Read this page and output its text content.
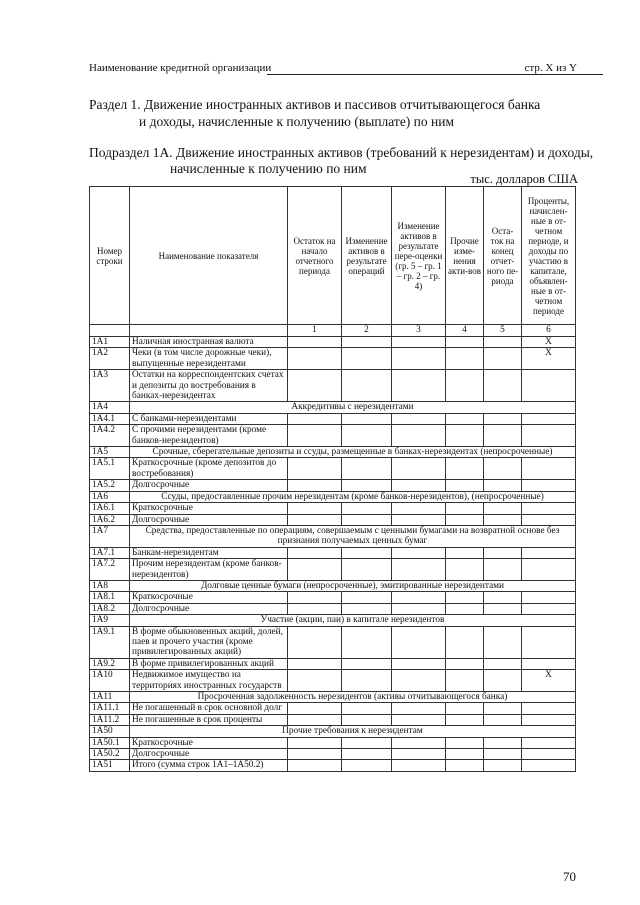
Наименование кредитной организации	стр. X из Y
Раздел 1. Движение иностранных активов и пассивов отчитывающегося банка
и доходы, начисленные к получению (выплате) по ним
Подраздел 1А. Движение иностранных активов (требований к нерезидентам) и доходы,
начисленные к получению по ним
тыс. долларов США
Номер строки	Наименование показателя	Остаток на начало отчетного периода	Изменение активов в результате операций	Изменение активов в результате пере-оценки (гр. 5 – гр. 1 – гр. 2 – гр. 4)	Прочие изме-нения акти-вов	Оста-ток на конец отчет-ного пе-риода	Проценты, начислен-ные в от-четном периоде, и доходы по участию в капитале, объявлен-ные в от-четном периоде
		1	2	3	4	5	6
1A1	Наличная иностранная валюта						X
1A2	Чеки (в том числе дорожные чеки), выпущенные нерезидентами						X
1A3	Остатки на корреспондентских счетах и депозиты до востребования в банках-нерезидентах						
1A4	Аккредитивы с нерезидентами						
1A4.1	С банками-нерезидентами						
1A4.2	С прочими нерезидентами (кроме банков-нерезидентов)						
1A5	Срочные, сберегательные депозиты и ссуды, размещенные в банках-нерезидентах (непросроченные)						
1A5.1	Краткосрочные (кроме депозитов до востребования)						
1A5.2	Долгосрочные						
1A6	Ссуды, предоставленные прочим нерезидентам (кроме банков-нерезидентов), (непросроченные)						
1A6.1	Краткосрочные						
1A6.2	Долгосрочные						
1A7	Средства, предоставленные по операциям, совершаемым с ценными бумагами на возвратной основе без признания получаемых ценных бумаг						
1A7.1	Банкам-нерезидентам						
1A7.2	Прочим нерезидентам (кроме банков-нерезидентов)						
1A8	Долговые ценные бумаги (непросроченные), эмитированные нерезидентами						
1A8.1	Краткосрочные						
1A8.2	Долгосрочные						
1A9	Участие (акции, паи) в капитале нерезидентов						
1A9.1	В форме обыкновенных акций, долей, паев и прочего участия (кроме привилегированных акций)						
1A9.2	В форме привилегированных акций						
1A10	Недвижимое имущество на территориях иностранных государств						X
1A11	Просроченная задолженность нерезидентов (активы отчитывающегося банка)						
1A11.1	Не погашенный в срок основной долг						
1A11.2	Не погашенные в срок проценты						
1A50	Прочие требования к нерезидентам						
1A50.1	Краткосрочные						
1A50.2	Долгосрочные						
1A51	Итого (сумма строк 1A1–1A50.2)						
70
